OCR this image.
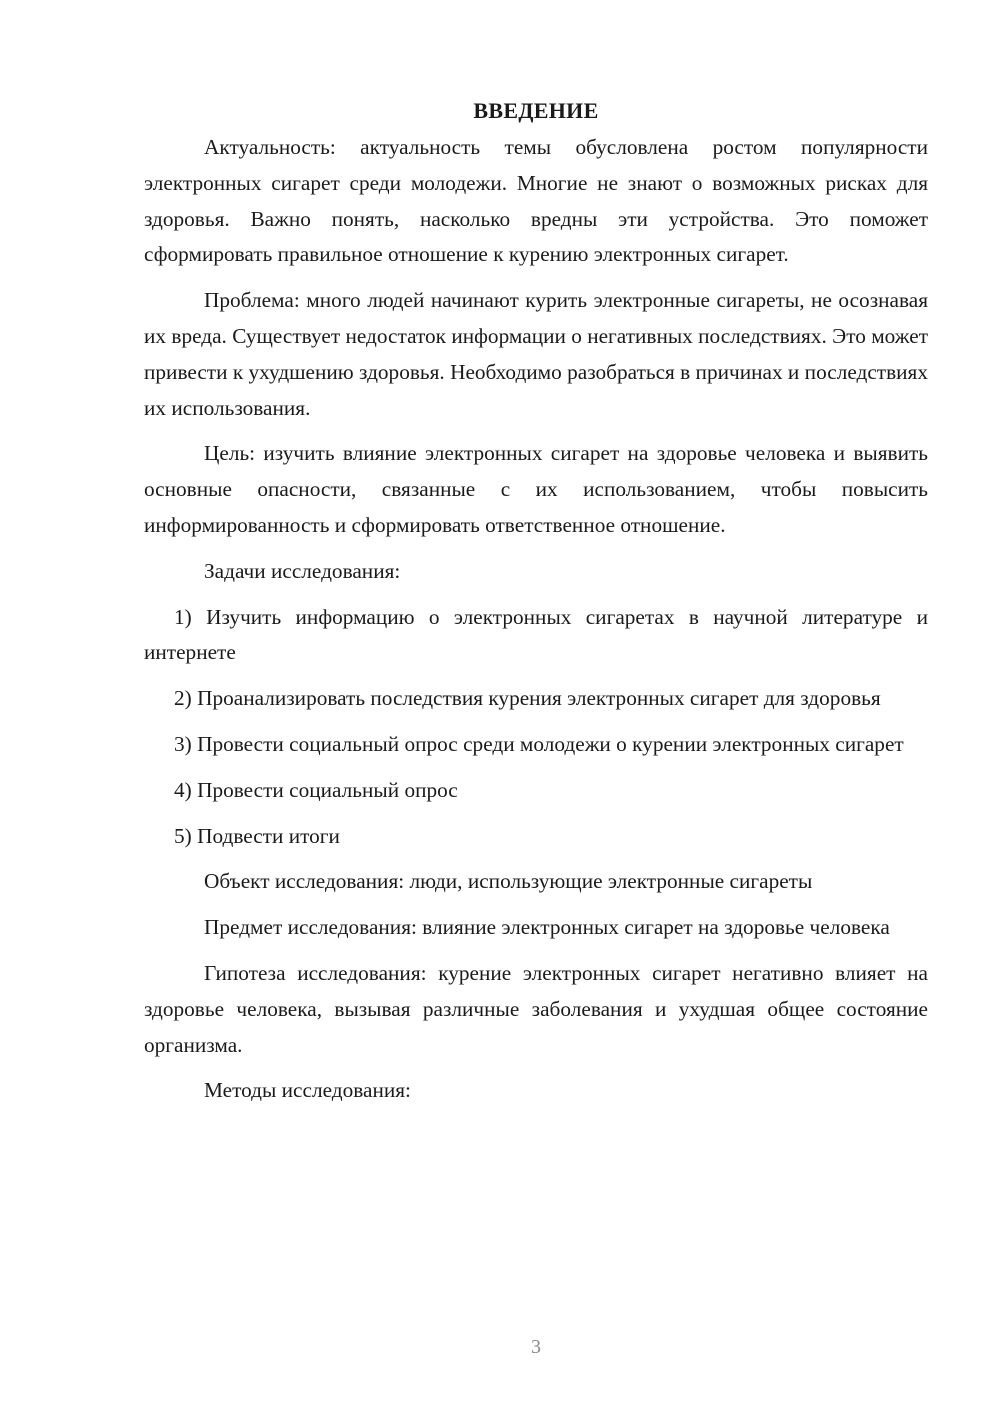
ВВЕДЕНИЕ

Актуальность: актуальность темы обусловлена ростом популярности электронных сигарет среди молодежи. Многие не знают о возможных рисках для здоровья. Важно понять, насколько вредны эти устройства. Это поможет сформировать правильное отношение к курению электронных сигарет.

Проблема: много людей начинают курить электронные сигареты, не осознавая их вреда. Существует недостаток информации о негативных последствиях. Это может привести к ухудшению здоровья. Необходимо разобраться в причинах и последствиях их использования.

Цель: изучить влияние электронных сигарет на здоровье человека и выявить основные опасности, связанные с их использованием, чтобы повысить информированность и сформировать ответственное отношение.

Задачи исследования:

1) Изучить информацию о электронных сигаретах в научной литературе и интернете

2) Проанализировать последствия курения электронных сигарет для здоровья

3) Провести социальный опрос среди молодежи о курении электронных сигарет

4) Провести социальный опрос

5) Подвести итоги

Объект исследования: люди, использующие электронные сигареты

Предмет исследования: влияние электронных сигарет на здоровье человека

Гипотеза исследования: курение электронных сигарет негативно влияет на здоровье человека, вызывая различные заболевания и ухудшая общее состояние организма.

Методы исследования:

3
